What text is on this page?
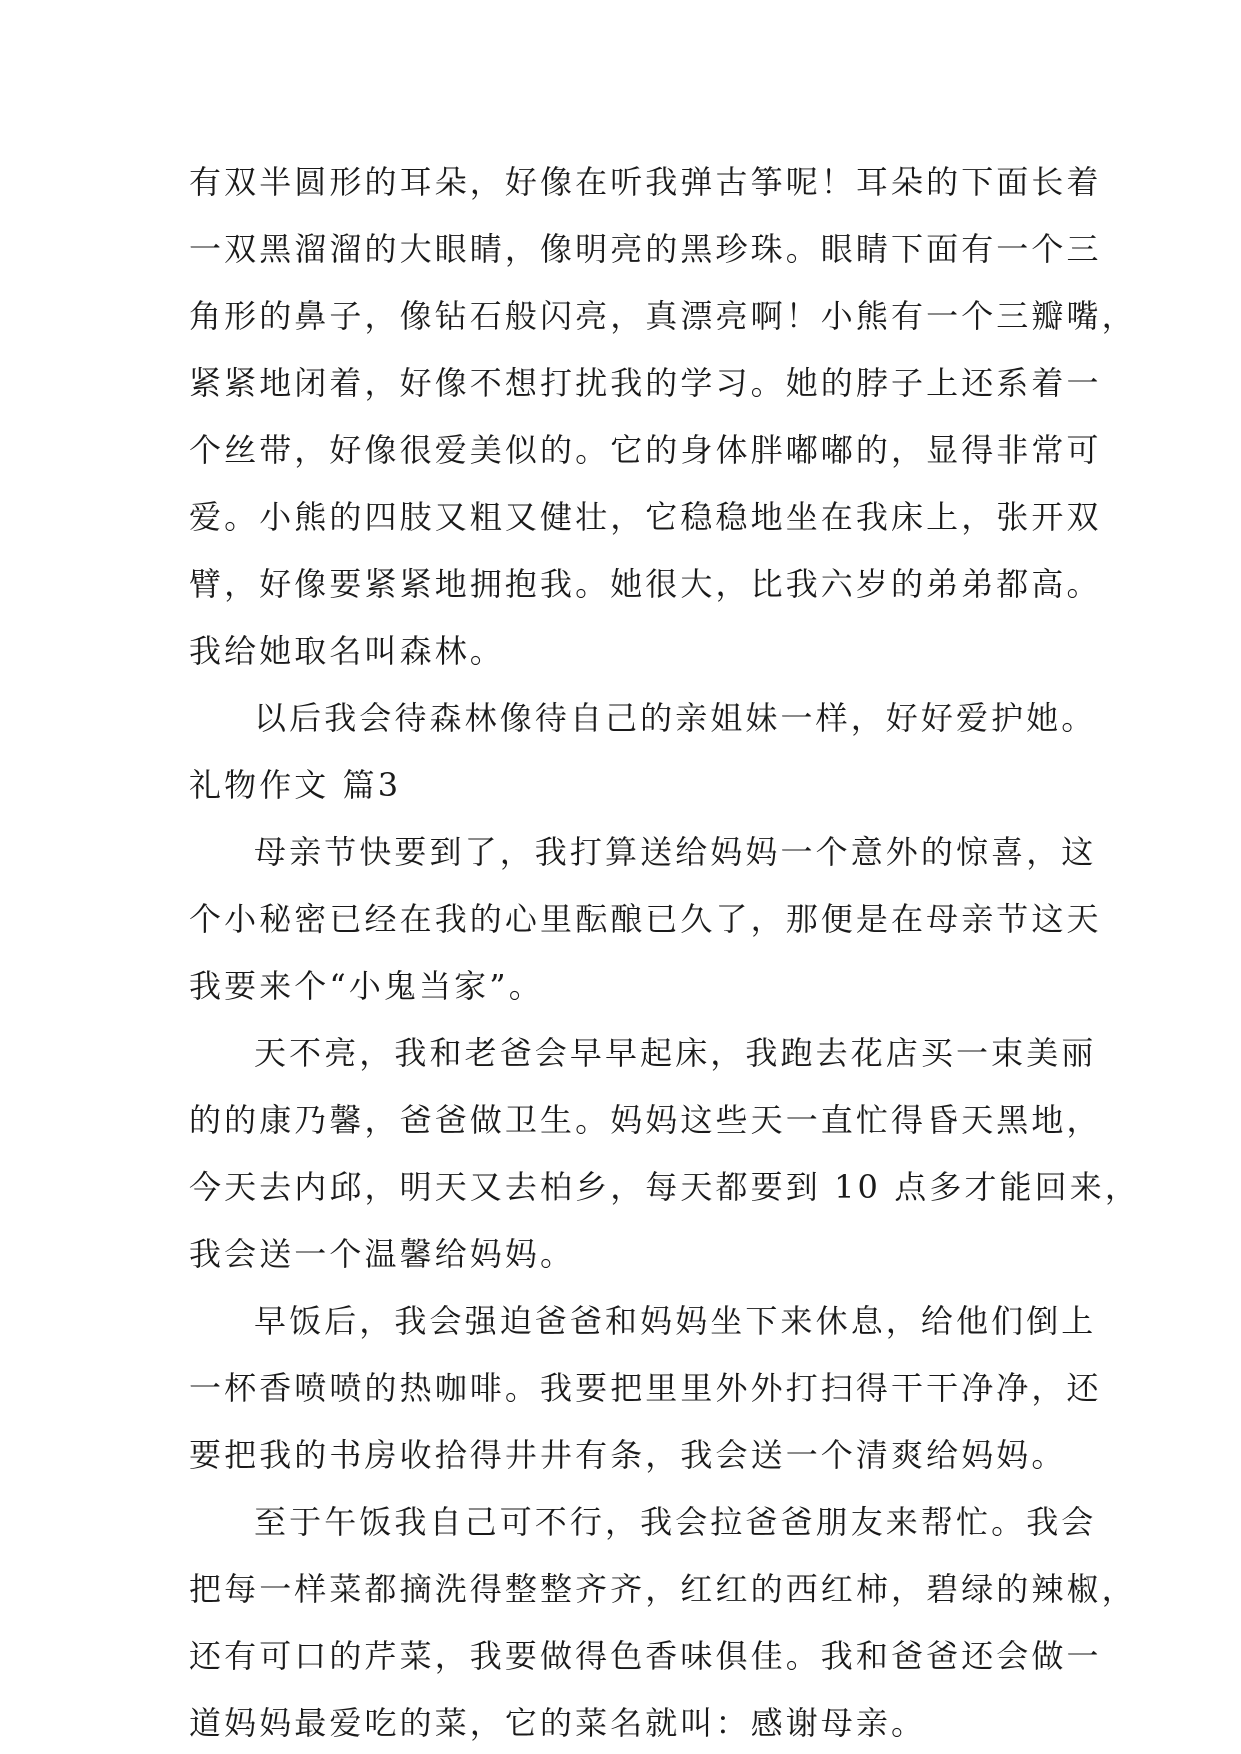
有双半圆形的耳朵，好像在听我弹古筝呢！耳朵的下面长着
一双黑溜溜的大眼睛，像明亮的黑珍珠。眼睛下面有一个三
角形的鼻子，像钻石般闪亮，真漂亮啊！小熊有一个三瓣嘴，
紧紧地闭着，好像不想打扰我的学习。她的脖子上还系着一
个丝带，好像很爱美似的。它的身体胖嘟嘟的，显得非常可
爱。小熊的四肢又粗又健壮，它稳稳地坐在我床上，张开双
臂，好像要紧紧地拥抱我。她很大，比我六岁的弟弟都高。
我给她取名叫森林。
以后我会待森林像待自己的亲姐妹一样，好好爱护她。
礼物作文 篇3
母亲节快要到了，我打算送给妈妈一个意外的惊喜，这
个小秘密已经在我的心里酝酿已久了，那便是在母亲节这天
我要来个“小鬼当家”。
天不亮，我和老爸会早早起床，我跑去花店买一束美丽
的的康乃馨，爸爸做卫生。妈妈这些天一直忙得昏天黑地，
今天去内邱，明天又去柏乡，每天都要到 10 点多才能回来，
我会送一个温馨给妈妈。
早饭后，我会强迫爸爸和妈妈坐下来休息，给他们倒上
一杯香喷喷的热咖啡。我要把里里外外打扫得干干净净，还
要把我的书房收拾得井井有条，我会送一个清爽给妈妈。
至于午饭我自己可不行，我会拉爸爸朋友来帮忙。我会
把每一样菜都摘洗得整整齐齐，红红的西红柿，碧绿的辣椒，
还有可口的芹菜，我要做得色香味俱佳。我和爸爸还会做一
道妈妈最爱吃的菜，它的菜名就叫：感谢母亲。
